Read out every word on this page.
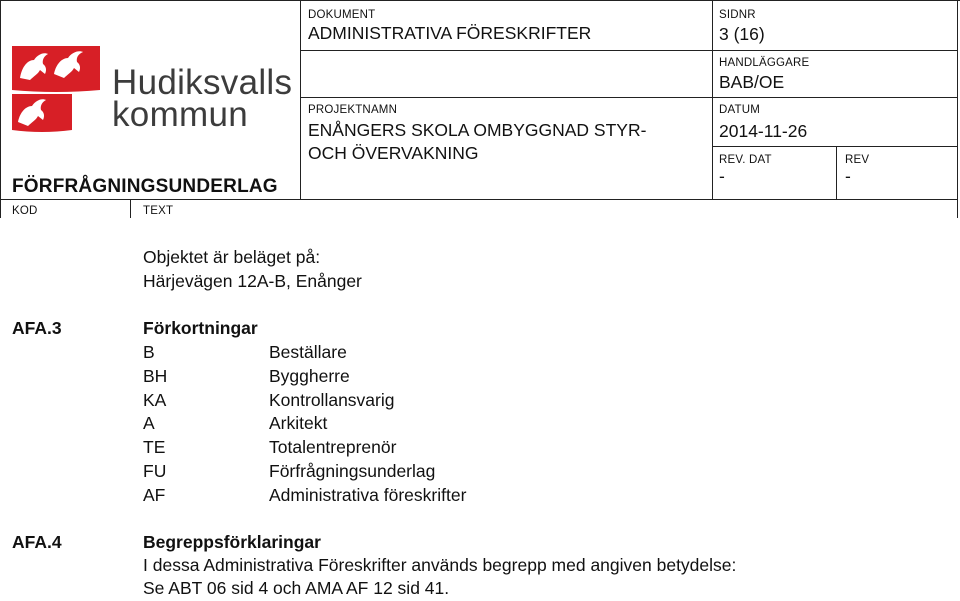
Hudiksvalls
kommun
FÖRFRÅGNINGSUNDERLAG
DOKUMENT
ADMINISTRATIVA FÖRESKRIFTER
PROJEKTNAMN
ENÅNGERS SKOLA OMBYGGNAD STYR-
OCH ÖVERVAKNING
SIDNR
3 (16)
HANDLÄGGARE
BAB/OE
DATUM
2014-11-26
REV. DAT
-
REV
-
KOD	TEXT
Objektet är beläget på:
Härjevägen 12A-B, Enånger
AFA.3	Förkortningar
B	Beställare
BH	Byggherre
KA	Kontrollansvarig
A	Arkitekt
TE	Totalentreprenör
FU	Förfrågningsunderlag
AF	Administrativa föreskrifter
AFA.4	Begreppsförklaringar
I dessa Administrativa Föreskrifter används begrepp med angiven betydelse:
Se ABT 06 sid 4 och AMA AF 12 sid 41.
